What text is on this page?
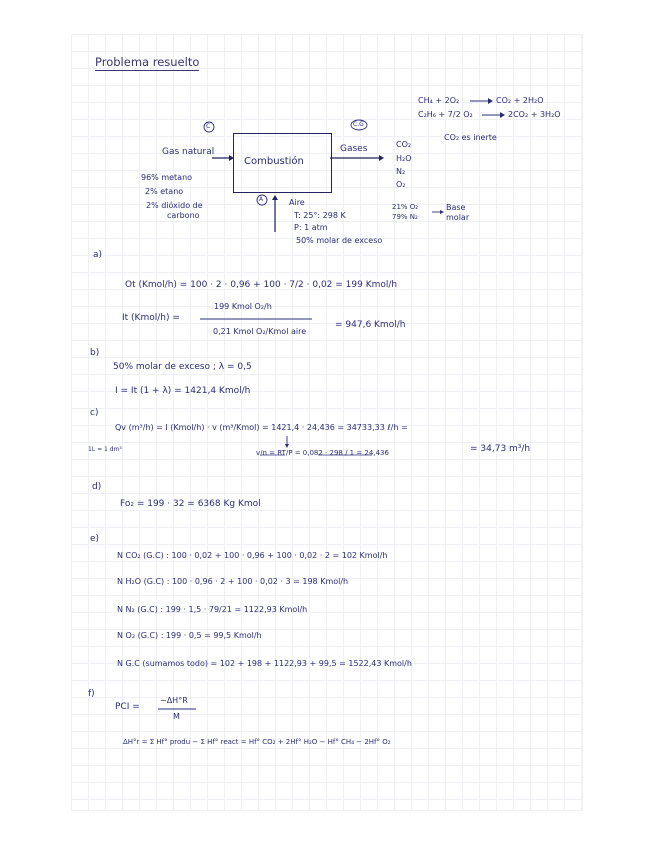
Problema resuelto
CH₄ + 2O₂	CO₂ + 2H₂O
C₂H₆ + 7/2 O₂	2CO₂ + 3H₂O
CO₂ es inerte
C	C.G
A
Combustión
Gas natural	Gases
96% metano
2% etano
2% dióxido de
carbono
CO₂
H₂O
N₂
O₂
Aire
T: 25°: 298 K
P: 1 atm
50% molar de exceso
21% O₂
79% N₂
Base
molar
a)
Ot (Kmol/h) = 100 · 2 · 0,96 + 100 · 7/2 · 0,02 = 199 Kmol/h
It (Kmol/h) =
199 Kmol O₂/h
0,21 Kmol O₂/Kmol aire
= 947,6 Kmol/h
b)
50% molar de exceso ; λ = 0,5
I = It (1 + λ) = 1421,4 Kmol/h
c)
Qv (m³/h) = I (Kmol/h) · v (m³/Kmol) = 1421,4 · 24,436 = 34733,33 ℓ/h =
1L = 1 dm³	v/n = RT/P = 0,082 · 298 / 1 = 24,436	= 34,73 m³/h
d)
Fo₂ = 199 · 32 = 6368 Kg Kmol
e)
N CO₂ (G.C) : 100 · 0,02 + 100 · 0,96 + 100 · 0,02 · 2 = 102 Kmol/h
N H₂O (G.C) : 100 · 0,96 · 2 + 100 · 0,02 · 3 = 198 Kmol/h
N N₂ (G.C) : 199 · 1,5 · 79/21 = 1122,93 Kmol/h
N O₂ (G.C) : 199 · 0,5 = 99,5 Kmol/h
N G.C (sumamos todo) = 102 + 198 + 1122,93 + 99,5 = 1522,43 Kmol/h
f)
PCI =
−ΔH°R
M
ΔH°r = Σ Hf° produ − Σ Hf° react = Hf° CO₂ + 2Hf° H₂O − Hf° CH₄ − 2Hf° O₂
